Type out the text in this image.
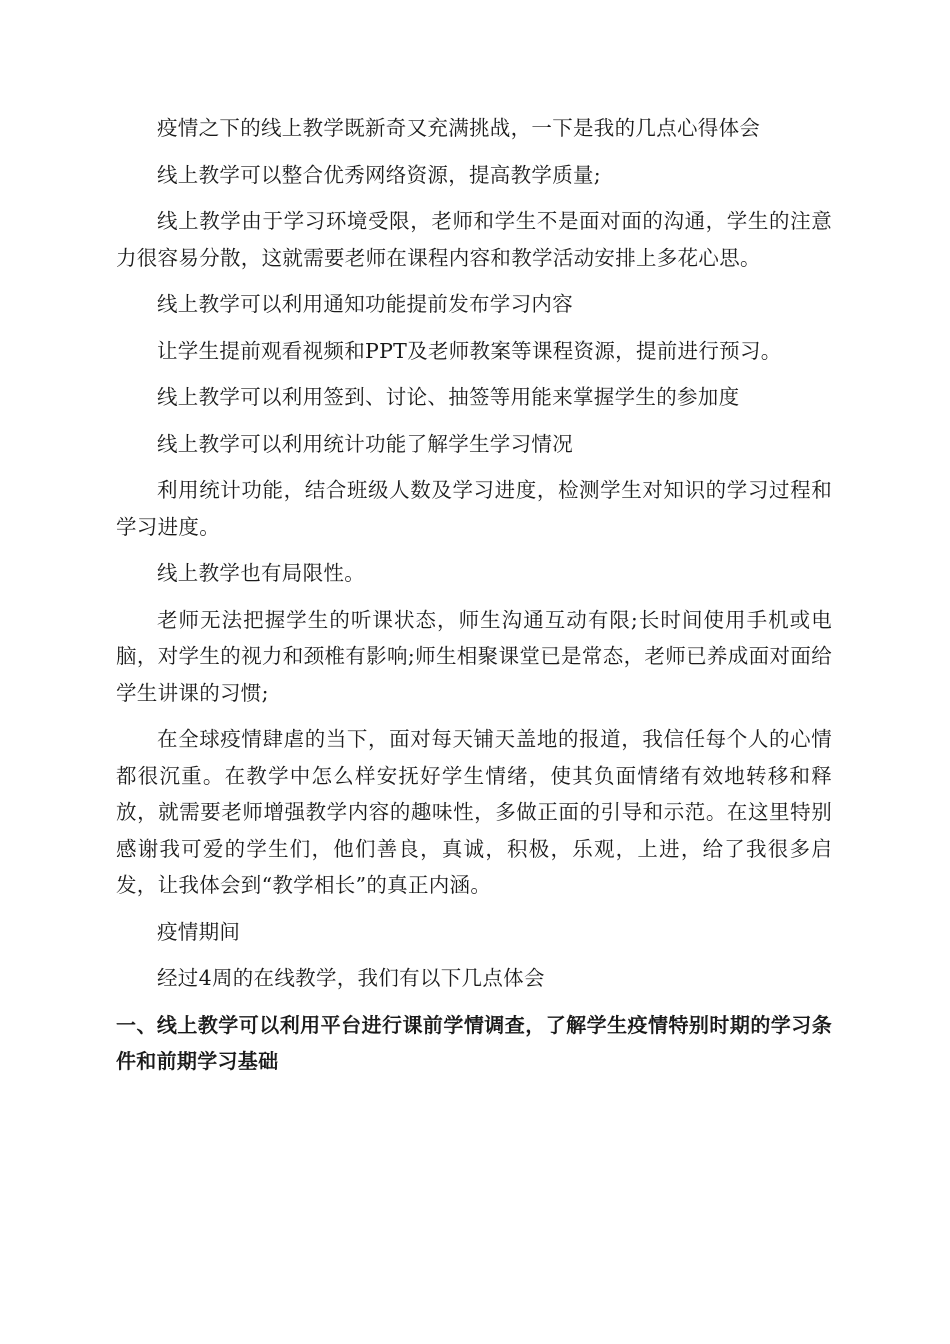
疫情之下的线上教学既新奇又充满挑战，一下是我的几点心得体会

线上教学可以整合优秀网络资源，提高教学质量;

线上教学由于学习环境受限，老师和学生不是面对面的沟通，学生的注意力很容易分散，这就需要老师在课程内容和教学活动安排上多花心思。

线上教学可以利用通知功能提前发布学习内容

让学生提前观看视频和PPT及老师教案等课程资源，提前进行预习。

线上教学可以利用签到、讨论、抽签等用能来掌握学生的参加度

线上教学可以利用统计功能了解学生学习情况

利用统计功能，结合班级人数及学习进度，检测学生对知识的学习过程和学习进度。

线上教学也有局限性。

老师无法把握学生的听课状态，师生沟通互动有限;长时间使用手机或电脑，对学生的视力和颈椎有影响;师生相聚课堂已是常态，老师已养成面对面给学生讲课的习惯;

在全球疫情肆虐的当下，面对每天铺天盖地的报道，我信任每个人的心情都很沉重。在教学中怎么样安抚好学生情绪，使其负面情绪有效地转移和释放，就需要老师增强教学内容的趣味性，多做正面的引导和示范。在这里特别感谢我可爱的学生们，他们善良，真诚，积极，乐观，上进，给了我很多启发，让我体会到“教学相长”的真正内涵。

疫情期间

经过4周的在线教学，我们有以下几点体会

一、线上教学可以利用平台进行课前学情调查，了解学生疫情特别时期的学习条件和前期学习基础
